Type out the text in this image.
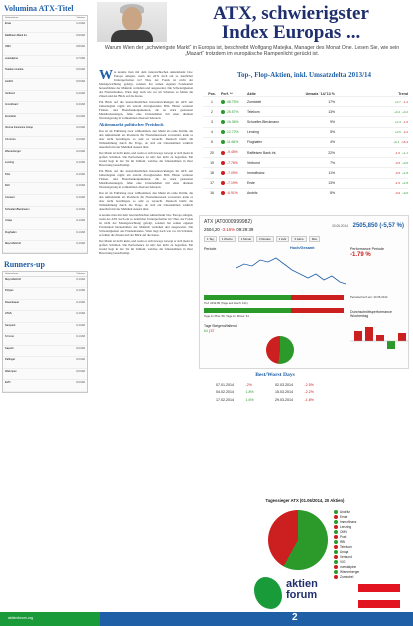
Volumina ATX-Titel
Unternehmen	Volumen
Erste	1,2 Mrd
Raiffeisen Bank Int.	0,9 Mrd
OMV	0,8 Mrd
voestalpine	0,7 Mrd
Telekom Austria	0,5 Mrd
Andritz	0,5 Mrd
Verbund	0,4 Mrd
Immofinanz	0,4 Mrd
Zumtobel	0,2 Mrd
Vienna Insurance Group	0,2 Mrd
CA Immo	0,2 Mrd
Wienerberger	0,2 Mrd
Lenzing	0,1 Mrd
Post	0,1 Mrd
RHI	0,1 Mrd
Conwert	0,1 Mrd
Schoeller-Bleckmann	0,1 Mrd
Uniqa	0,1 Mrd
Flughafen	0,1 Mrd
Mayr-Melnhof	0,1 Mrd
Runners-up
Unternehmen	Volumen
Mayr-Melnhof	0,1 Mrd
Polytec	0,1 Mrd
Rosenbauer	0,1 Mrd
AT&S	0,1 Mrd
Semperit	0,1 Mrd
S Immo	0,1 Mrd
Kapsch	0,0 Mrd
Palfinger	0,0 Mrd
Warimpex	0,0 Mrd
EVN	0,0 Mrd
ATX, schwierigster
Index Europas ...
Warum Wien der „schwierigste Markt“ in Europa ist, beschreibt Wolfgang Matejka, Manager des Monat One. Lesen Sie, wie sein „Mazart“ trotzdem im europäische Rampenlicht gerückt ist.

W ie konnte man mit dem österreichischen Aktienmarkt bzw. Europa anlegen, wenn der ATX doch ein so deutlicher Underperformer ist? Nun, der Fonds ist nicht der Marktgewichtung gefolgt, sondern hat seinen eigenen Fondsanteil herausbildete der Maßstab verliehen und ausgeweitet. Die Schwierigkeiten des Finanzmarktes, Wien liegt nach wie vor im Schatten, es fehlen die Zinsen und der Blick auf die Kurse.

Ein Blick auf die unterschiedlichen Kursentwicklungen im ATX seit Jahresbeginn ergibt ein extrem divergierendes Bild. Hinter weiteren Firmen- und Branchenkonjunkturen, die zu stark gestreuten Marktbedeutungen, fehle eine Unternehmen mit einer direkten Wertsteigerung in vollkommen diversen Sektoren.

Aktienmarkt politischer Preisbock

Das ist als Erklärung zwar willkommen, den Markt als reine Politik, die den Aktienmarkt als Preisbock für Finanzinteressen verwendet, kann es aber nicht bewältigen, so sehr es versucht. Dennoch bleibt die Wahrnehmung durch die Frage, ob sich ein Unternehmen wirklich dauerhaft mit der Mehrheit steuern lässt.

Der Markt ist nicht klein, und wenn er sich bewegt, bewegt er sich meist in großen Schritten. Die Performance ist teils fast nicht zu begreifen. Ein Grund liegt in der Tat im Umfeld, welches die Unternehmen in ihrer Bewertung benachteiligt.

Ein Blick auf die unterschiedlichen Kursentwicklungen im ATX seit Jahresbeginn ergibt ein extrem divergierendes Bild. Hinter weiteren Firmen- und Branchenkonjunkturen, die zu stark gestreuten Marktbedeutungen, fehle eine Unternehmen mit einer direkten Wertsteigerung in vollkommen diversen Sektoren.

Das ist als Erklärung zwar willkommen, den Markt als reine Politik, die den Aktienmarkt als Preisbock für Finanzinteressen verwendet, kann es aber nicht bewältigen, so sehr es versucht. Dennoch bleibt die Wahrnehmung durch die Frage, ob sich ein Unternehmen wirklich dauerhaft mit der Mehrheit steuern lässt.

ie konnte man mit dem österreichischen Aktienmarkt bzw. Europa anlegen, wenn der ATX doch ein so deutlicher Underperformer ist? Nun, der Fonds ist nicht der Marktgewichtung gefolgt, sondern hat seinen eigenen Fondsanteil herausbildete der Maßstab verliehen und ausgeweitet. Die Schwierigkeiten des Finanzmarktes, Wien liegt nach wie vor im Schatten, es fehlen die Zinsen und der Blick auf die Kurse.

Der Markt ist nicht klein, und wenn er sich bewegt, bewegt er sich meist in großen Schritten. Die Performance ist teils fast nicht zu begreifen. Ein Grund liegt in der Tat im Umfeld, welches die Unternehmen in ihrer Bewertung benachteiligt.

Top-, Flop-Aktien, inkl. Umsatzdelta 2013/14
Pos.	Perf. **	Aktie	Umsatz ´14/´13 %	Trend
1	48.75%	Zumtobel	17%	+0.7 -1.2
2	25.57%	Telekom	13%	+0.4 +0.2
3	16.36%	Schoeller-Bleckmann	9%	+0.4 -1.6
4	12.72%	Lenzing	5%	+0.6 -2.2
5	11.66%	Flughafen	4%	+0.1 -16.4
20	-9.45%	Raiffeisen Bank Int.	22%	-1.0 +1.1
19	-7.76%	Verbund	7%	-0.5 +0.5
18	-7.09%	Immofinanz	11%	-0.5 +1.8
17	-7.19%	Erste	13%	-1.0 +1.8
16	-6.91%	Andritz	8%	-0.9 +0.6
ATX (AT0000999982)
2504,20 -3.16% 09:29:39
30.06.2014 2505,850 (-5,57 %)
1 Tag	1 Woche	1 Monat	3 Monate	1 Jahr	3 Jahre	Max
Periode	Hoch/Gesamt	Performance Periode
-1.79 %
Tief: 2432.86 (Tage seit Hoch: 121)
Periodenhoch am: 20.05.2014
Tage im Plus: 66, Tage im Minus: 61
Tage Steigend/fallend
64 | 57
Durchschnittsperformance Wochentag
Best/Worst Days
07.01.2014	-2%	02.03.2014	-2.5%
04.02.2014	1.8%	15.03.2014	-2.2%
17.02.2014	1.6%	29.03.2014	-1.8%
Tagessieger ATX (01.06/2014, 20 Aktien)
Andritz
Erste
Immofinanz
Lenzing
OMV
Post
RBI
Telekom
Uniqa
Verbund
VIG
voestalpine
Wienerberger
Zumtobel
aktien
forum
aktienforum.org	2
